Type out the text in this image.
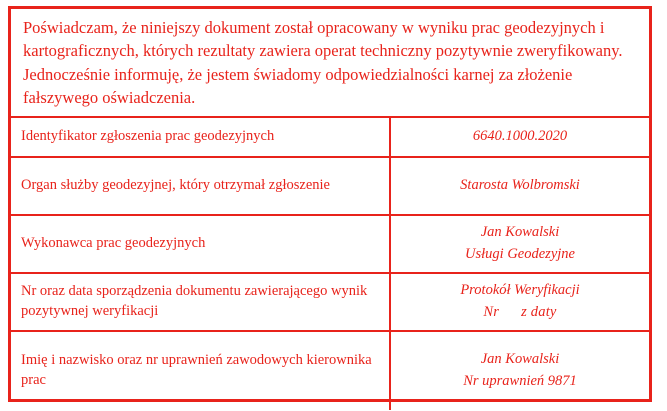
Poświadczam, że niniejszy dokument został opracowany w wyniku prac geodezyjnych i kartograficznych, których rezultaty zawiera operat techniczny pozytywnie zweryfikowany. Jednocześnie informuję, że jestem świadomy odpowiedzialności karnej za złożenie fałszywego oświadczenia.
Identyfikator zgłoszenia prac geodezyjnych	6640.1000.2020
Organ służby geodezyjnej, który otrzymał zgłoszenie	Starosta Wolbromski
Wykonawca prac geodezyjnych	Jan Kowalski
Usługi Geodezyjne

Nr oraz data sporządzenia dokumentu zawierającego wynik pozytywnej weryfikacji	Protokół Weryfikacji
Nr z daty

Imię i nazwisko oraz nr uprawnień zawodowych kierownika prac	Jan Kowalski
Nr uprawnień 9871
